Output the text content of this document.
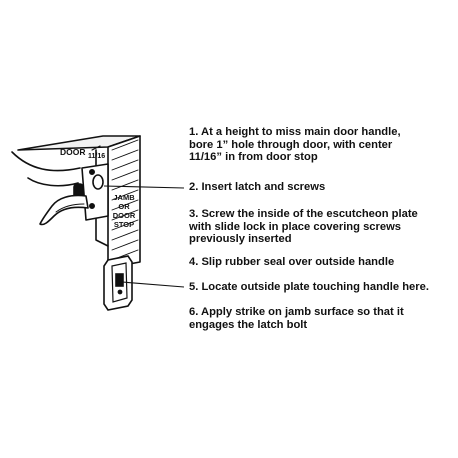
DOOR 11/16
JAMB
OR
DOOR
STOP
1. At a height to miss main door handle,
bore 1” hole through door, with center
11/16” in from door stop
2. Insert latch and screws
3. Screw the inside of the escutcheon plate
with slide lock in place covering screws
previously inserted
4. Slip rubber seal over outside handle
5. Locate outside plate touching handle here.
6. Apply strike on jamb surface so that it
engages the latch bolt
